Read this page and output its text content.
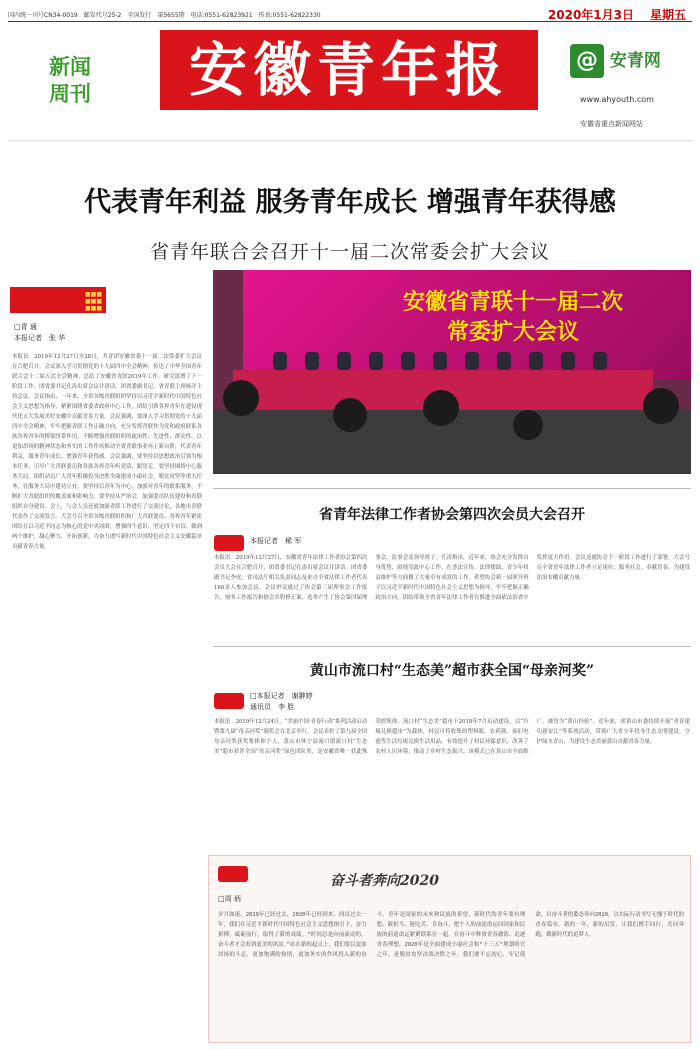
国内统一刊号CN34-0019　邮发代号25-2　全国发行　第5655期　电话:0551-62823921　传真:0551-62822330	2020年1月3日 星期五
新闻
周刊	安徽青年报	@ 安青网
www.ahyouth.com
安徽省重点新闻网站
代表青年利益 服务青年成长 增强青年获得感
省青年联合会召开十一届二次常委会扩大会议
■■■
■■■
■■■
□青 通
本报记者　张 华
本报讯　2019年12月27日至28日，共青团安徽省委十一届二次常委扩大会议在合肥召开。会议深入学习贯彻党的十九届四中全会精神，传达了中华全国青年联合会十二届五次全会精神，总结了安徽省青联2019年工作，研究部署了下一阶段工作。团省委书记孔涛出席会议并讲话，团省委副书记、省青联主席杨洋主持会议。会议指出，一年来，全省各级青联组织坚持以习近平新时代中国特色社会主义思想为指导，紧紧围绕省委省政府中心工作，团结引领各界青年在建设现代化五大发展美好安徽中贡献青春力量。会议强调，要深入学习贯彻党的十九届四中全会精神，牢牢把握青联工作正确方向，充分发挥青联作为党和政府联系各族各界青年的桥梁纽带作用，不断增强青联组织的政治性、先进性、群众性，以更加昂扬的精神状态和务实的工作作风推动全省青联事业再上新台阶，代表青年利益，服务青年成长，增强青年获得感。会议强调，要坚持以思想政治引领为根本任务，引导广大青联委员和各族各界青年听党话、跟党走。要坚持围绕中心服务大局，组织动员广大青年积极投身决胜全面建成小康社会、脱贫攻坚等重大任务，在服务大局中建功立业。要坚持以青年为中心，加强对青年的联系服务，不断扩大青联组织的覆盖面和影响力。要坚持从严治会，加强委员队伍建设和青联组织自身建设。会上，与会人员还就加强青联工作进行了交流讨论，各地市青联代表作了交流发言。大会号召全省各级青联组织和广大青联委员、各界青年紧密团结在以习近平同志为核心的党中央周围，增强四个意识、坚定四个自信、做到两个维护，凝心聚力、开拓创新，为奋力谱写新时代中国特色社会主义安徽篇章贡献青春力量。
安徽省青联十一届二次
常委扩大会议
省青年法律工作者协会第四次会员大会召开
本报记者　稀 军
本报讯　2019年12月27日，安徽省青年法律工作者协会第四次会员大会在合肥召开，团省委书记孔涛出席会议并讲话。团省委副书记李虎、省司法厅相关负责同志及来自全省法律工作者代表160余人参加会议。会议审议通过了协会第三届理事会工作报告、财务工作报告和协会章程修正案，选举产生了协会第四届理事会、监事会及领导班子。孔涛指出，近年来，协会充分发挥自身优势，围绕党政中心工作，在普法宣传、法律援助、青少年权益维护等方面做了大量卓有成效的工作。希望协会新一届领导班子以习近平新时代中国特色社会主义思想为指导，牢牢把握正确政治方向，团结带领全省青年法律工作者在推进全面依法治省中发挥更大作用。会议还就协会下一阶段工作进行了部署。大会号召全省青年法律工作者立足岗位、服务社会、奉献青春，为建设法治安徽贡献力量。
黄山市流口村“生态美”超市获全国“母亲河奖”
□本报记者　谢翀婷
通讯员　李 胜
本报讯　2019年12月24日，“美丽中国·青春行动”系列活动启动暨第九届“母亲河奖”颁奖会在北京举行。会议表彰了第九届全国母亲河奖获奖集体和个人，黄山市休宁县流口镇流口村“生态美”超市获评全国“母亲河奖”绿色团队奖，是安徽省唯一获此殊荣的集体。流口村“生态美”超市于2018年7月启动建设，以“垃圾兑换超市”为载体，村民可将收集的塑料瓶、农药瓶、废旧电池等生活垃圾兑换生活用品，有效提升了村民环保意识，改善了农村人居环境，推动了乡村生态振兴。该模式已在黄山市全面推广，被誉为“黄山经验”。近年来，团黄山市委持续开展“青春建功新安江”等系列活动，带领广大青少年投身生态文明建设，守护绿水青山，为建设生态美丽黄山贡献青春力量。
奋斗者奔向2020
□周 炳
岁月如流，2019年已经过去，2020年已经到来。回首过去一年，我们在习近平新时代中国特色社会主义思想指引下，奋力拼搏，砥砺前行，取得了新的成绩。“时间总是向前流动的，奋斗者才会看到更美的风景。”站在新的起点上，我们要以更加昂扬的斗志、更加饱满的热情、更加务实的作风投入新的奋斗。青年是国家的未来和民族的希望。新时代的青年要有理想、敢担当、能吃苦、肯奋斗，把个人的前途命运同国家和民族的前途命运紧紧联系在一起，在奋斗中释放青春激情、追逐青春理想。2020年是全面建成小康社会和“十三五”规划收官之年，是脱贫攻坚决战决胜之年。我们要不忘初心、牢记使命，以奋斗者的姿态奔向2020，以实际行动书写无愧于时代的青春篇章。新的一年，新的出发，让我们携手同行，共同奔跑，做新时代的追梦人。
